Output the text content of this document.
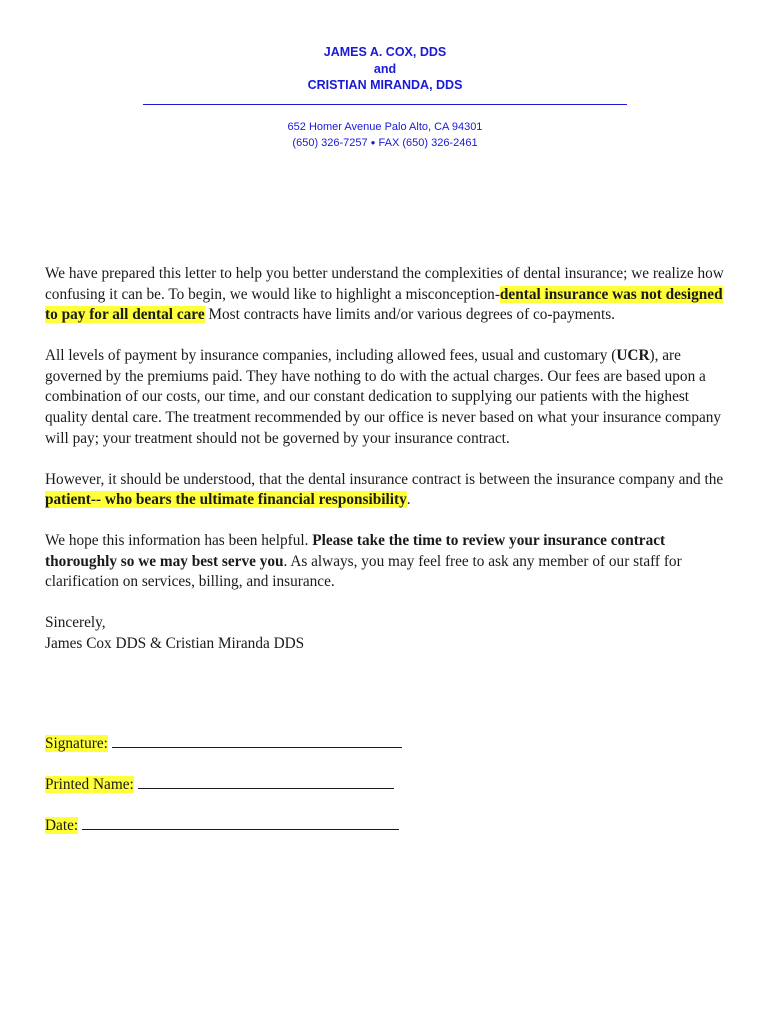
JAMES A. COX, DDS
and
CRISTIAN MIRANDA, DDS
652 Homer Avenue Palo Alto, CA 94301
(650) 326-7257 ● FAX (650) 326-2461

We have prepared this letter to help you better understand the complexities of dental insurance; we realize how confusing it can be. To begin, we would like to highlight a misconception-dental insurance was not designed to pay for all dental care Most contracts have limits and/or various degrees of co-payments.

All levels of payment by insurance companies, including allowed fees, usual and customary (UCR), are governed by the premiums paid. They have nothing to do with the actual charges. Our fees are based upon a combination of our costs, our time, and our constant dedication to supplying our patients with the highest quality dental care. The treatment recommended by our office is never based on what your insurance company will pay; your treatment should not be governed by your insurance contract.

However, it should be understood, that the dental insurance contract is between the insurance company and the patient-- who bears the ultimate financial responsibility.

We hope this information has been helpful. Please take the time to review your insurance contract thoroughly so we may best serve you. As always, you may feel free to ask any member of our staff for clarification on services, billing, and insurance.

Sincerely,
James Cox DDS & Cristian Miranda DDS
Signature:
Printed Name:
Date:
